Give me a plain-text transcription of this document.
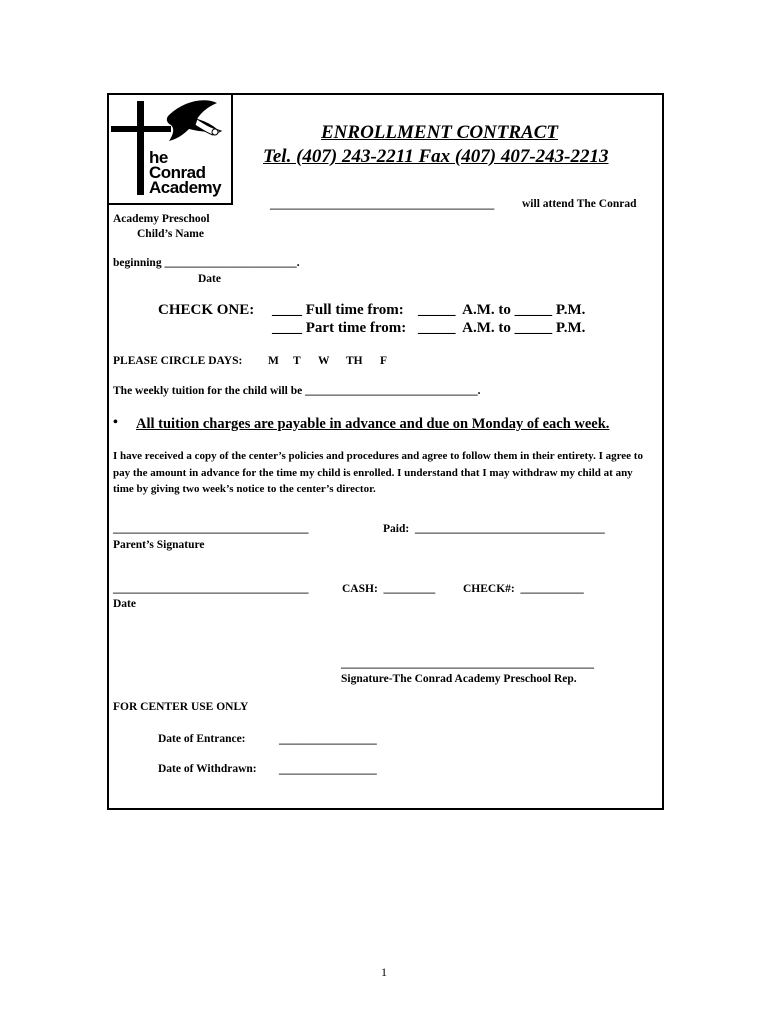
he
Conrad
Academy
ENROLLMENT CONTRACT
Tel. (407) 243-2211 Fax (407) 407-243-2213
_______________________________________ will attend The Conrad
Academy Preschool
Child’s Name
beginning _______________________.
Date
CHECK ONE: ____ Full time from: _____  A.M. to _____ P.M.
____ Part time from: _____  A.M. to _____ P.M.
PLEASE CIRCLE DAYS: M T W TH F
The weekly tuition for the child will be ______________________________.
• All tuition charges are payable in advance and due on Monday of each week.
I have received a copy of the center’s policies and procedures and agree to follow them in their entirety. I agree to pay the amount in advance for the time my child is enrolled. I understand that I may withdraw my child at any time by giving two week’s notice to the center’s director.
__________________________________	Paid:  _________________________________
Parent’s Signature
__________________________________	CASH:  _________ CHECK#:  ___________
Date
____________________________________________
Signature-The Conrad Academy Preschool Rep.
FOR CENTER USE ONLY
Date of Entrance:	_________________
Date of Withdrawn: _________________
1
